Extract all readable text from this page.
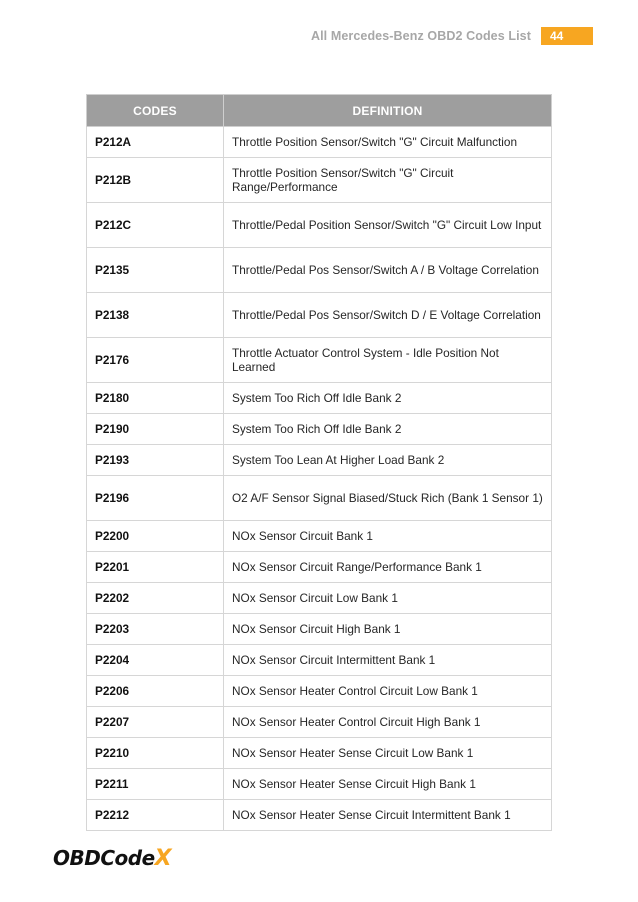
All Mercedes-Benz OBD2 Codes List	44
CODES	DEFINITION
P212A	Throttle Position Sensor/Switch "G" Circuit Malfunction
P212B	Throttle Position Sensor/Switch "G" Circuit Range/Performance
P212C	Throttle/Pedal Position Sensor/Switch "G" Circuit Low Input
P2135	Throttle/Pedal Pos Sensor/Switch A / B Voltage Correlation
P2138	Throttle/Pedal Pos Sensor/Switch D / E Voltage Correlation
P2176	Throttle Actuator Control System - Idle Position Not Learned
P2180	System Too Rich Off Idle Bank 2
P2190	System Too Rich Off Idle Bank 2
P2193	System Too Lean At Higher Load Bank 2
P2196	O2 A/F Sensor Signal Biased/Stuck Rich (Bank 1 Sensor 1)
P2200	NOx Sensor Circuit Bank 1
P2201	NOx Sensor Circuit Range/Performance Bank 1
P2202	NOx Sensor Circuit Low Bank 1
P2203	NOx Sensor Circuit High Bank 1
P2204	NOx Sensor Circuit Intermittent Bank 1
P2206	NOx Sensor Heater Control Circuit Low Bank 1
P2207	NOx Sensor Heater Control Circuit High Bank 1
P2210	NOx Sensor Heater Sense Circuit Low Bank 1
P2211	NOx Sensor Heater Sense Circuit High Bank 1
P2212	NOx Sensor Heater Sense Circuit Intermittent Bank 1
OBDCode X
